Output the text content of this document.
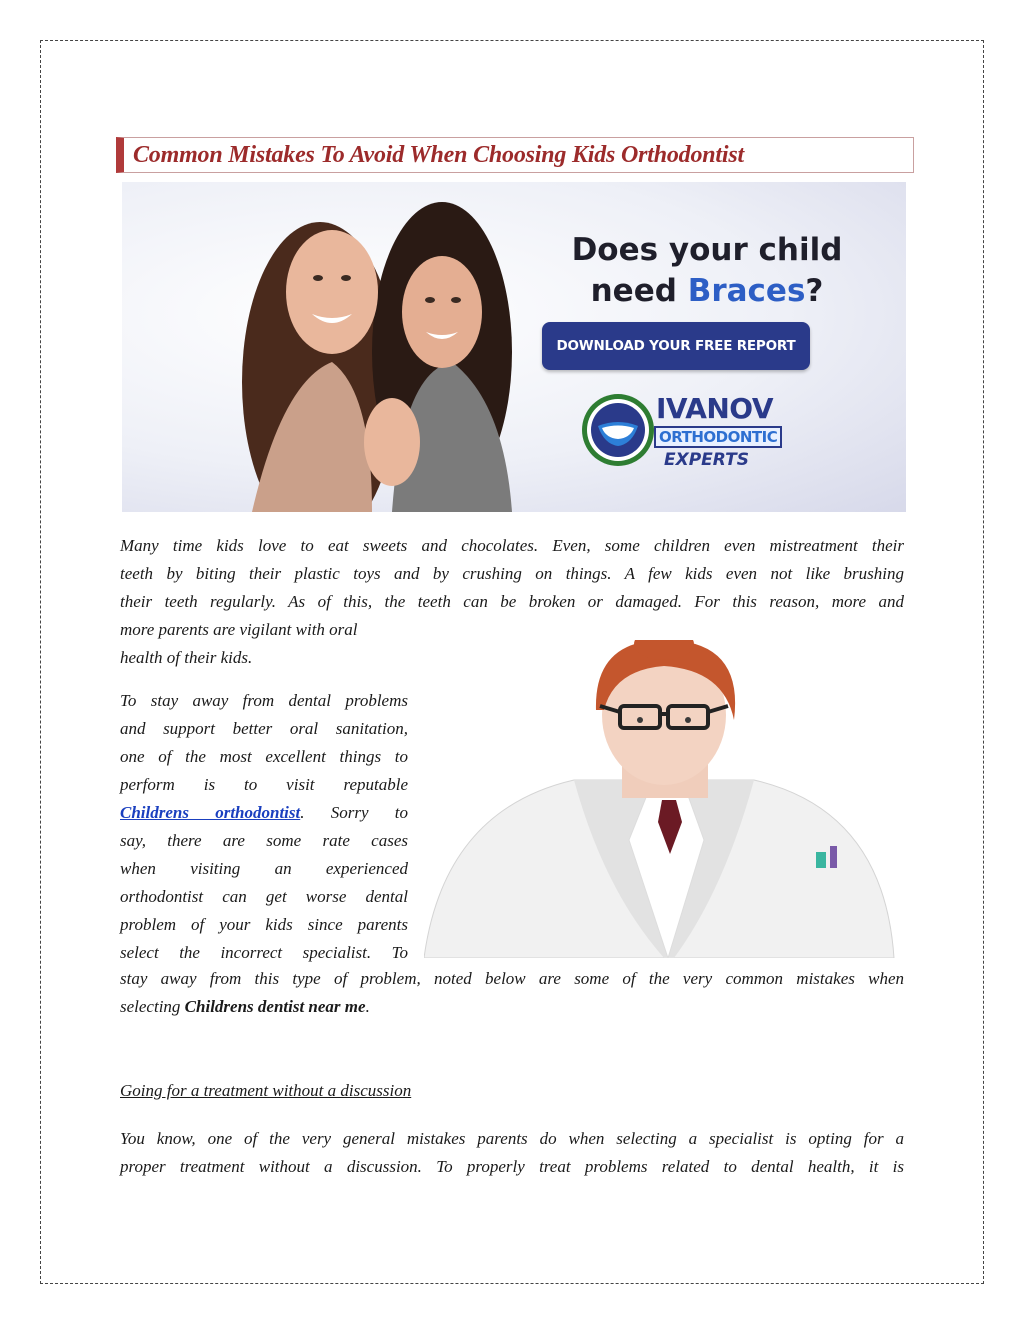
Common Mistakes To Avoid When Choosing Kids Orthodontist
Does your child
need Braces?
DOWNLOAD YOUR FREE REPORT
IVANOV
ORTHODONTIC
EXPERTS

Many time kids love to eat sweets and chocolates. Even, some children even mistreatment their
teeth by biting their plastic toys and by crushing on things. A few kids even not like brushing
their teeth regularly. As of this, the teeth can be broken or damaged. For this reason, more and

more parents are vigilant with oral
health of their kids.

To stay away from dental problems
and support better oral sanitation,
one of the most excellent things to
perform is to visit reputable
Childrens orthodontist. Sorry to
say, there are some rate cases
when visiting an experienced
orthodontist can get worse dental
problem of your kids since parents
select the incorrect specialist. To

stay away from this type of problem, noted below are some of the very common mistakes when
selecting Childrens dentist near me.

Going for a treatment without a discussion

You know, one of the very general mistakes parents do when selecting a specialist is opting for a
proper treatment without a discussion. To properly treat problems related to dental health, it is
